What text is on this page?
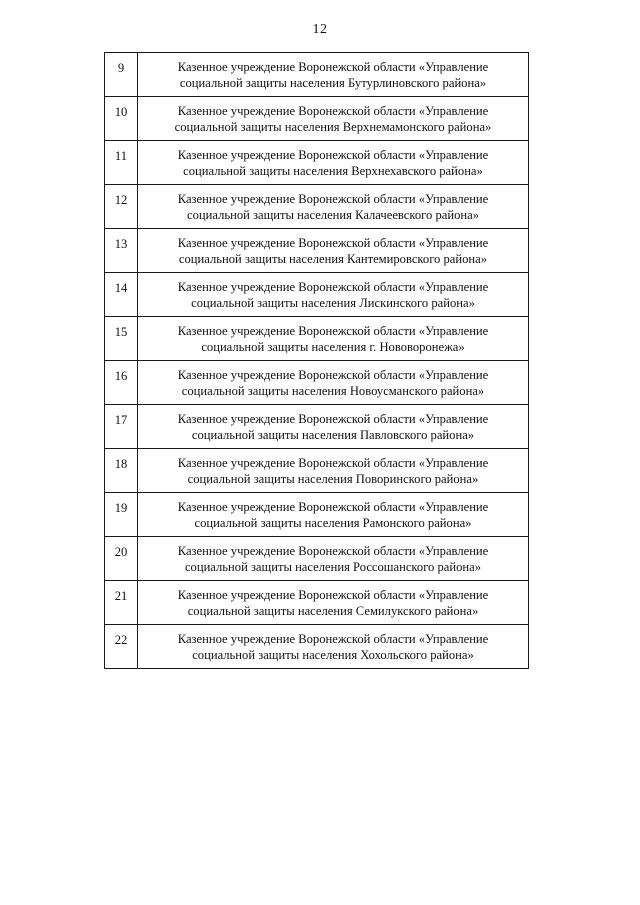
12
9	Казенное учреждение Воронежской области «Управление
социальной защиты населения Бутурлиновского района»

10	Казенное учреждение Воронежской области «Управление
социальной защиты населения Верхнемамонского района»

11	Казенное учреждение Воронежской области «Управление
социальной защиты населения Верхнехавского района»

12	Казенное учреждение Воронежской области «Управление
социальной защиты населения Калачеевского района»

13	Казенное учреждение Воронежской области «Управление
социальной защиты населения Кантемировского района»

14	Казенное учреждение Воронежской области «Управление
социальной защиты населения Лискинского района»

15	Казенное учреждение Воронежской области «Управление
социальной защиты населения г. Нововоронежа»

16	Казенное учреждение Воронежской области «Управление
социальной защиты населения Новоусманского района»

17	Казенное учреждение Воронежской области «Управление
социальной защиты населения Павловского района»

18	Казенное учреждение Воронежской области «Управление
социальной защиты населения Поворинского района»

19	Казенное учреждение Воронежской области «Управление
социальной защиты населения Рамонского района»

20	Казенное учреждение Воронежской области «Управление
социальной защиты населения Россошанского района»

21	Казенное учреждение Воронежской области «Управление
социальной защиты населения Семилукского района»

22	Казенное учреждение Воронежской области «Управление
социальной защиты населения Хохольского района»
